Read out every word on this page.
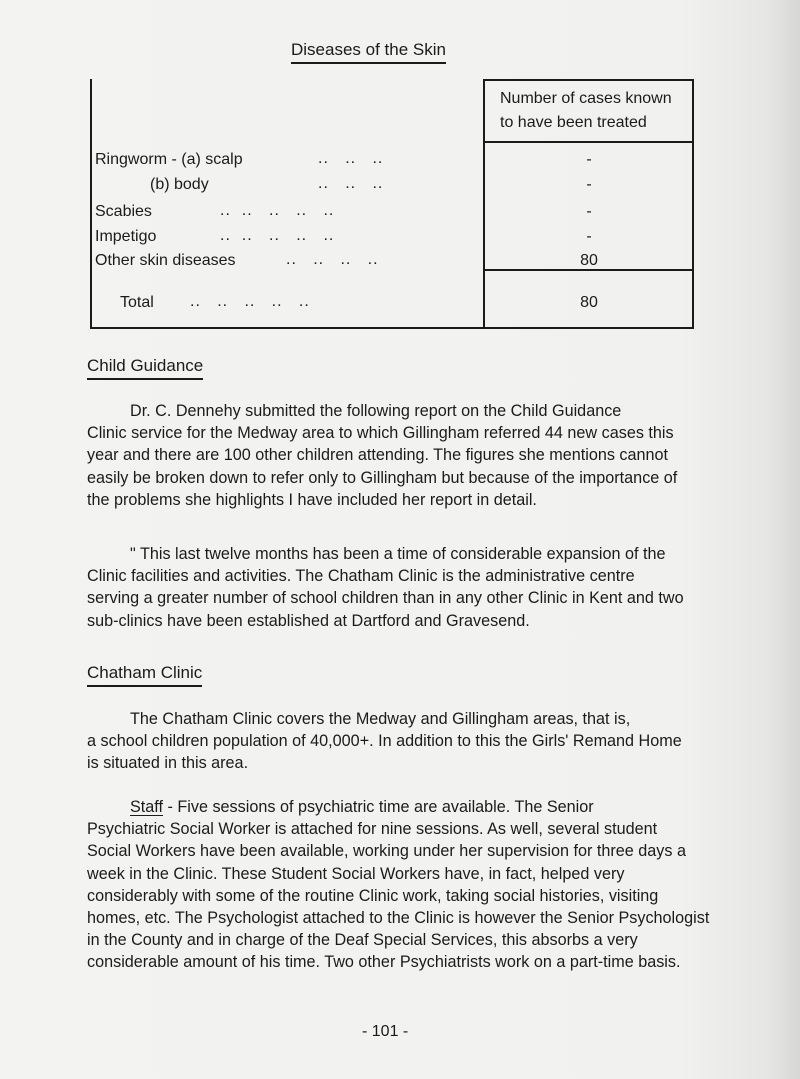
Diseases of the Skin
Number of cases known
to have been treated
Ringworm - (a) scalp	..   ..   ..	-
(b) body	..   ..   ..	-
Scabies	..  ..   ..   ..   ..	-
Impetigo	..  ..   ..   ..   ..	-
Other skin diseases	..   ..   ..   ..	80
Total ..   ..   ..   ..   ..	80
Child Guidance
Dr. C. Dennehy submitted the following report on the Child Guidance
Clinic service for the Medway area to which Gillingham referred 44 new cases this
year and there are 100 other children attending. The figures she mentions cannot
easily be broken down to refer only to Gillingham but because of the importance of
the problems she highlights I have included her report in detail.
" This last twelve months has been a time of considerable expansion of the
Clinic facilities and activities. The Chatham Clinic is the administrative centre
serving a greater number of school children than in any other Clinic in Kent and two
sub-clinics have been established at Dartford and Gravesend.
Chatham Clinic
The Chatham Clinic covers the Medway and Gillingham areas, that is,
a school children population of 40,000+. In addition to this the Girls' Remand Home
is situated in this area.
Staff - Five sessions of psychiatric time are available. The Senior
Psychiatric Social Worker is attached for nine sessions. As well, several student
Social Workers have been available, working under her supervision for three days a
week in the Clinic. These Student Social Workers have, in fact, helped very
considerably with some of the routine Clinic work, taking social histories, visiting
homes, etc. The Psychologist attached to the Clinic is however the Senior Psychologist
in the County and in charge of the Deaf Special Services, this absorbs a very
considerable amount of his time. Two other Psychiatrists work on a part-time basis.
- 101 -
